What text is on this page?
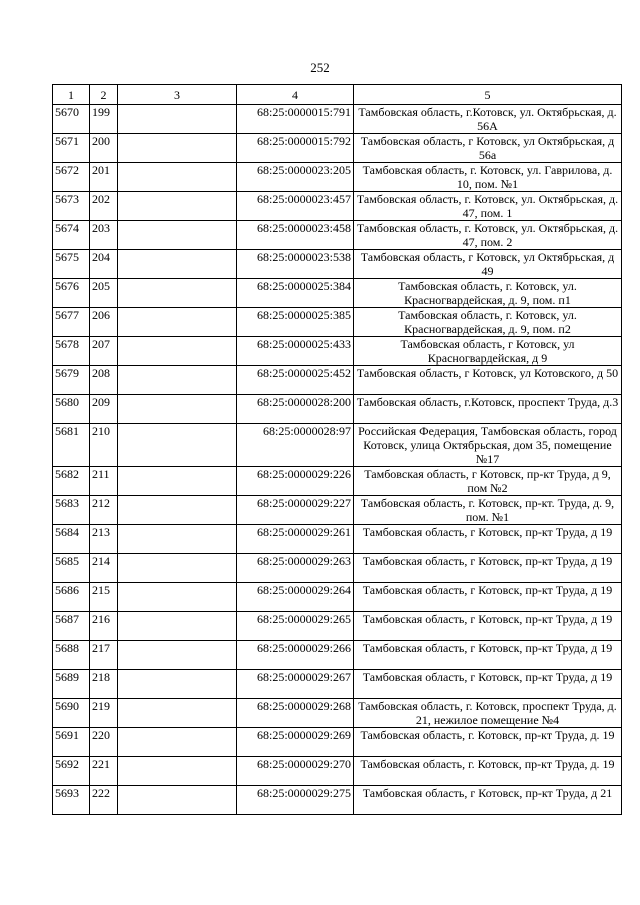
252
1	2	3	4	5
5670	199		68:25:0000015:791	Тамбовская область, г.Котовск, ул. Октябрьская, д. 56А
5671	200		68:25:0000015:792	Тамбовская область, г Котовск, ул Октябрьская, д 56а
5672	201		68:25:0000023:205	Тамбовская область, г. Котовск, ул. Гаврилова, д. 10, пом. №1
5673	202		68:25:0000023:457	Тамбовская область, г. Котовск, ул. Октябрьская, д. 47, пом. 1
5674	203		68:25:0000023:458	Тамбовская область, г. Котовск, ул. Октябрьская, д. 47, пом. 2
5675	204		68:25:0000023:538	Тамбовская область, г Котовск, ул Октябрьская, д 49
5676	205		68:25:0000025:384	Тамбовская область, г. Котовск, ул. Красногвардейская, д. 9, пом. п1
5677	206		68:25:0000025:385	Тамбовская область, г. Котовск, ул. Красногвардейская, д. 9, пом. п2
5678	207		68:25:0000025:433	Тамбовская область, г Котовск, ул Красногвардейская, д 9
5679	208		68:25:0000025:452	Тамбовская область, г Котовск, ул Котовского, д 50
5680	209		68:25:0000028:200	Тамбовская область, г.Котовск, проспект Труда, д.3
5681	210		68:25:0000028:97	Российская Федерация, Тамбовская область, город Котовск, улица Октябрьская, дом 35, помещение №17
5682	211		68:25:0000029:226	Тамбовская область, г Котовск, пр-кт Труда, д 9, пом №2
5683	212		68:25:0000029:227	Тамбовская область, г. Котовск, пр-кт. Труда, д. 9, пом. №1
5684	213		68:25:0000029:261	Тамбовская область, г Котовск, пр-кт Труда, д 19
5685	214		68:25:0000029:263	Тамбовская область, г Котовск, пр-кт Труда, д 19
5686	215		68:25:0000029:264	Тамбовская область, г Котовск, пр-кт Труда, д 19
5687	216		68:25:0000029:265	Тамбовская область, г Котовск, пр-кт Труда, д 19
5688	217		68:25:0000029:266	Тамбовская область, г Котовск, пр-кт Труда, д 19
5689	218		68:25:0000029:267	Тамбовская область, г Котовск, пр-кт Труда, д 19
5690	219		68:25:0000029:268	Тамбовская область, г. Котовск, проспект Труда, д. 21, нежилое помещение №4
5691	220		68:25:0000029:269	Тамбовская область, г. Котовск, пр-кт Труда, д. 19
5692	221		68:25:0000029:270	Тамбовская область, г. Котовск, пр-кт Труда, д. 19
5693	222		68:25:0000029:275	Тамбовская область, г Котовск, пр-кт Труда, д 21
